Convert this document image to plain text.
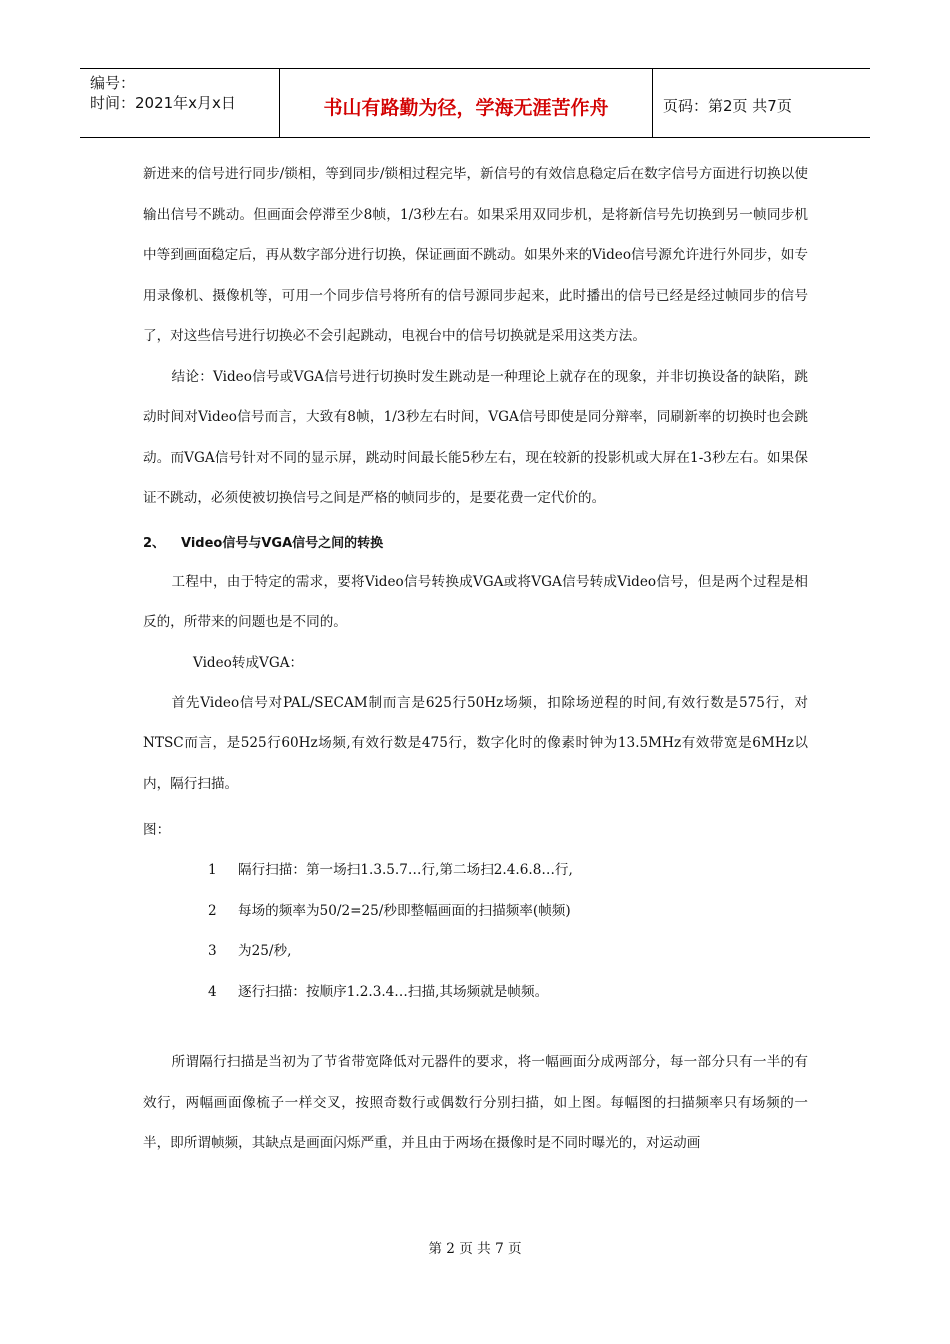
编号：
时间：2021年x月x日	书山有路勤为径，学海无涯苦作舟	页码：第2页 共7页

新进来的信号进行同步/锁相，等到同步/锁相过程完毕，新信号的有效信息稳定后在数字信号方面进行切换以使输出信号不跳动。但画面会停滞至少8帧，1/3秒左右。如果采用双同步机，是将新信号先切换到另一帧同步机中等到画面稳定后，再从数字部分进行切换，保证画面不跳动。如果外来的Video信号源允许进行外同步，如专用录像机、摄像机等，可用一个同步信号将所有的信号源同步起来，此时播出的信号已经是经过帧同步的信号了，对这些信号进行切换必不会引起跳动，电视台中的信号切换就是采用这类方法。

结论：Video信号或VGA信号进行切换时发生跳动是一种理论上就存在的现象，并非切换设备的缺陷，跳动时间对Video信号而言，大致有8帧，1/3秒左右时间，VGA信号即使是同分辩率，同刷新率的切换时也会跳动。而VGA信号针对不同的显示屏，跳动时间最长能5秒左右，现在较新的投影机或大屏在1-3秒左右。如果保证不跳动，必须使被切换信号之间是严格的帧同步的，是要花费一定代价的。

2、 Video信号与VGA信号之间的转换

工程中，由于特定的需求，要将Video信号转换成VGA或将VGA信号转成Video信号，但是两个过程是相反的，所带来的问题也是不同的。

Video转成VGA：

首先Video信号对PAL/SECAM制而言是625行50Hz场频，扣除场逆程的时间,有效行数是575行，对NTSC而言，是525行60Hz场频,有效行数是475行，数字化时的像素时钟为13.5MHz有效带宽是6MHz以内，隔行扫描。

图：
1 隔行扫描：第一场扫1.3.5.7…行,第二场扫2.4.6.8…行,
2 每场的频率为50/2=25/秒即整幅画面的扫描频率(帧频)
3 为25/秒,
4 逐行扫描：按顺序1.2.3.4…扫描,其场频就是帧频。

所谓隔行扫描是当初为了节省带宽降低对元器件的要求，将一幅画面分成两部分，每一部分只有一半的有效行，两幅画面像梳子一样交叉，按照奇数行或偶数行分别扫描，如上图。每幅图的扫描频率只有场频的一半，即所谓帧频，其缺点是画面闪烁严重，并且由于两场在摄像时是不同时曝光的，对运动画

第 2 页 共 7 页
